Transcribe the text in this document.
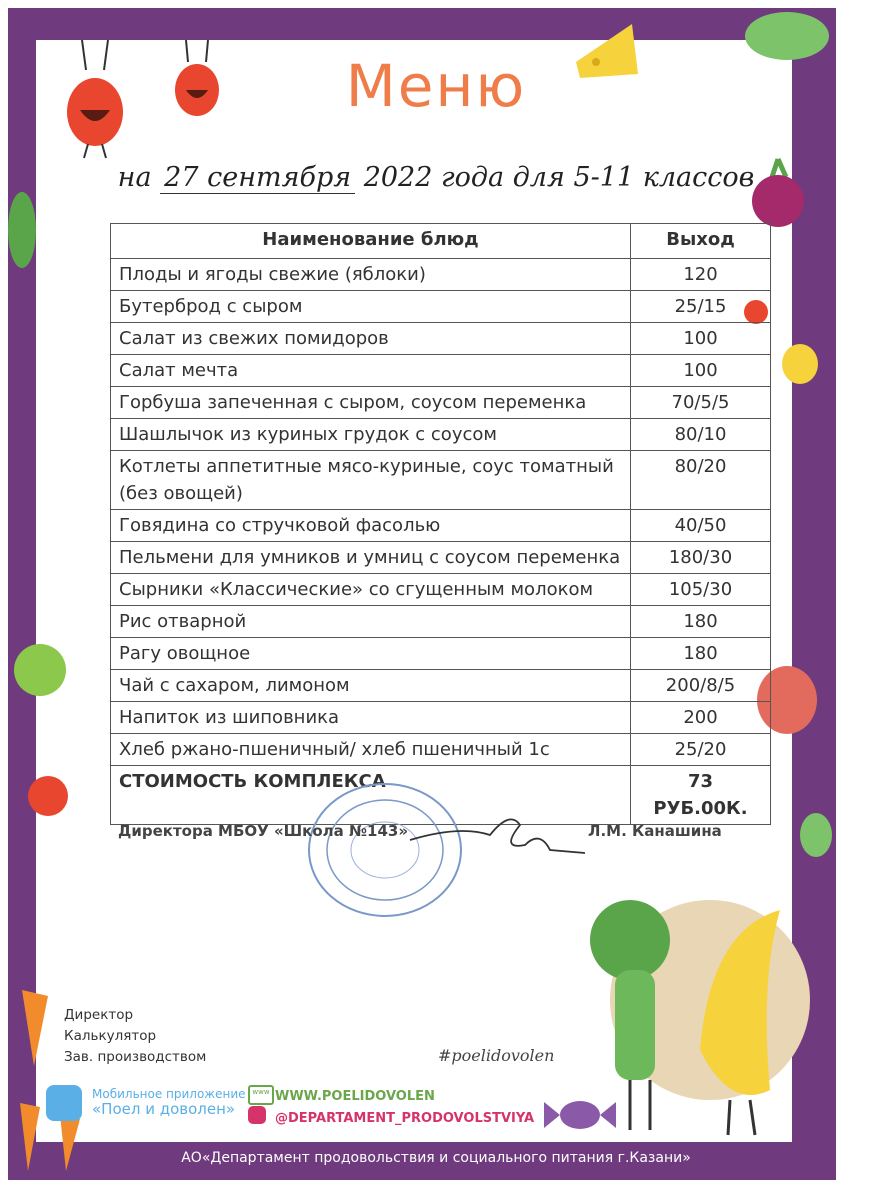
Меню
на 27 сентября 2022 года для 5-11 классов
Наименование блюд	Выход
Плоды и ягоды свежие (яблоки)	120
Бутерброд с сыром	25/15
Салат из свежих помидоров	100
Салат мечта	100
Горбуша запеченная с сыром, соусом переменка	70/5/5
Шашлычок из куриных грудок с соусом	80/10
Котлеты аппетитные мясо-куриные, соус томатный (без овощей)	80/20
Говядина со стручковой фасолью	40/50
Пельмени для умников и умниц с соусом переменка	180/30
Сырники «Классические» со сгущенным молоком	105/30
Рис отварной	180
Рагу овощное	180
Чай с сахаром, лимоном	200/8/5
Напиток из шиповника	200
Хлеб ржано-пшеничный/ хлеб пшеничный 1с	25/20
СТОИМОСТЬ КОМПЛЕКСА	73 РУБ.00К.
Директора МБОУ «Школа №143»	Л.М. Канашина
Директор
Калькулятор
Зав. производством	#poelidovolen
Мобильное приложение
«Поел и доволен»
www WWW.POELIDOVOLEN
@DEPARTAMENT_PRODOVOLSTVIYA
АО«Департамент продовольствия и социального питания г.Казани»
